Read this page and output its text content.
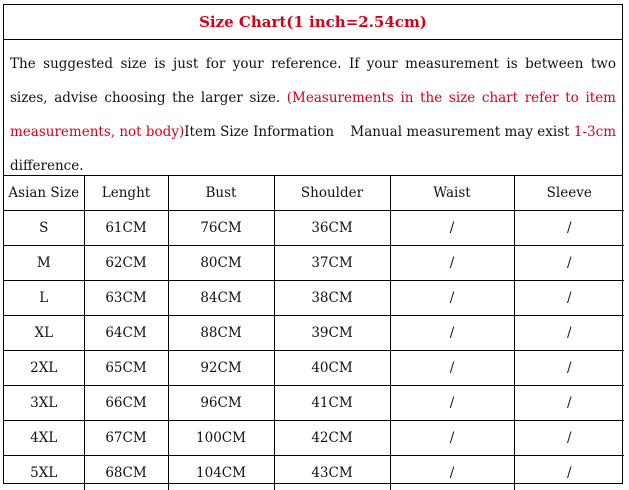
Size Chart(1 inch=2.54cm)
The suggested size is just for your reference. If your measurement is between two sizes, advise choosing the larger size. (Measurements in the size chart refer to item measurements, not body)Item Size Information Manual measurement may exist 1-3cm difference.
Asian Size	Lenght	Bust	Shoulder	Waist	Sleeve
S	61CM	76CM	36CM	/	/
M	62CM	80CM	37CM	/	/
L	63CM	84CM	38CM	/	/
XL	64CM	88CM	39CM	/	/
2XL	65CM	92CM	40CM	/	/
3XL	66CM	96CM	41CM	/	/
4XL	67CM	100CM	42CM	/	/
5XL	68CM	104CM	43CM	/	/
